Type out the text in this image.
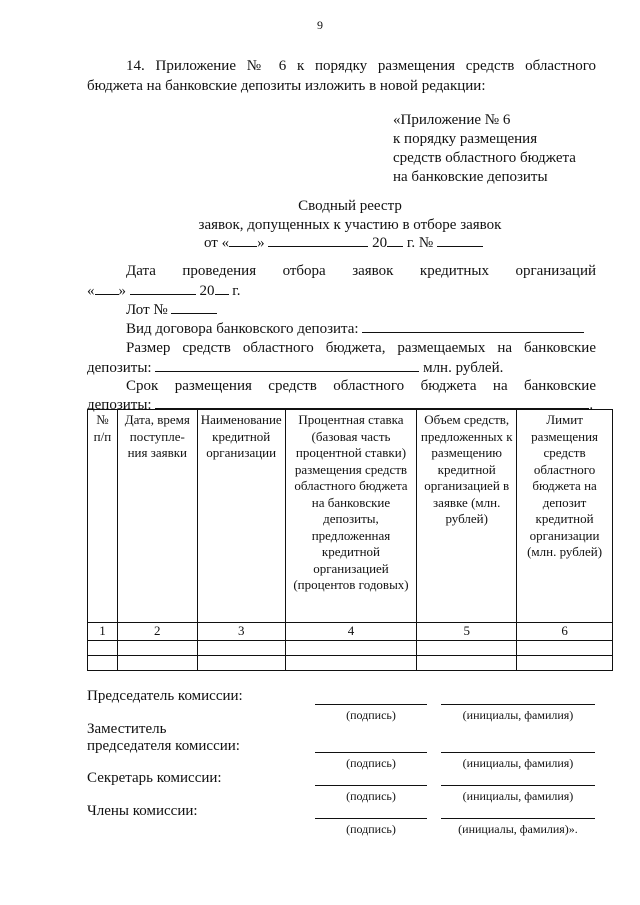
9
14. Приложение № 6 к порядку размещения средств областного
бюджета на банковские депозиты изложить в новой редакции:
«Приложение № 6
к порядку размещения
средств областного бюджета
на банковские депозиты
Сводный реестр
заявок, допущенных к участию в отборе заявок
от « »	20 г. №
Дата проведения отбора заявок кредитных организаций
« »	20 г.
Лот №
Вид договора банковского депозита:
Размер средств областного бюджета, размещаемых на банковские
депозиты:	млн. рублей.
Срок размещения средств областного бюджета на банковские
депозиты:	.
№ п/п	Дата, время поступле- ния заявки	Наименование кредитной организации	Процентная ставка (базовая часть процентной ставки) размещения средств областного бюджета на банковские депозиты, предложенная кредитной организацией (процентов годовых)	Объем средств, предложенных к размещению кредитной организацией в заявке (млн. рублей)	Лимит размещения средств областного бюджета на депозит кредитной организации (млн. рублей)
1	2	3	4	5	6

Председатель комиссии:
(подпись)	(инициалы, фамилия)
Заместитель
председателя комиссии:
(подпись)	(инициалы, фамилия)
Секретарь комиссии:
(подпись)	(инициалы, фамилия)
Члены комиссии:
(подпись)	(инициалы, фамилия)».
